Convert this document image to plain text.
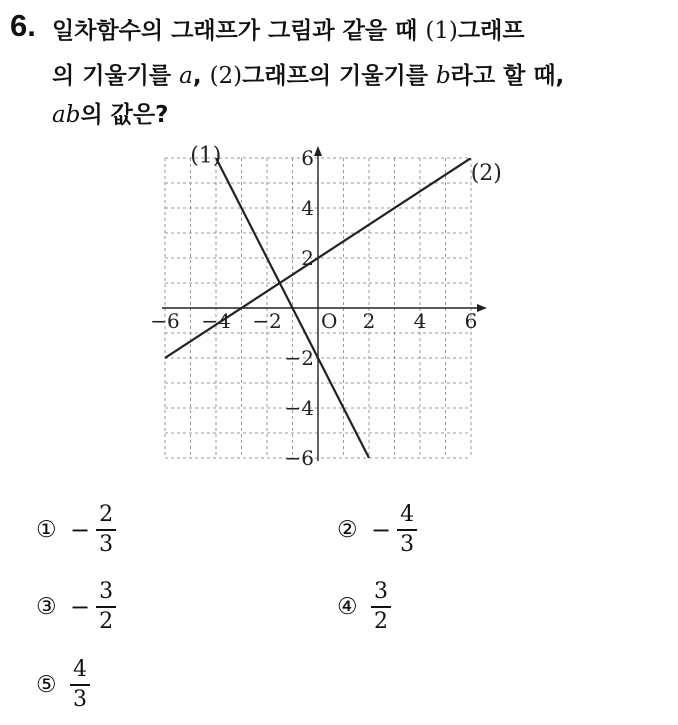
6. 일차함수의 그래프가 그림과 같을 때 (1)그래프
의 기울기를 a, (2)그래프의 기울기를 b라고 할 때,
ab의 값은?
(1)
(2)
−6 −4 −2	2 4 6
6
4
2
−2
−4
−6
O
① − $\frac{2}{3}$	② − $\frac{4}{3}$
③ − $\frac{3}{2}$	④ $\frac{3}{2}$
⑤ $\frac{4}{3}$
